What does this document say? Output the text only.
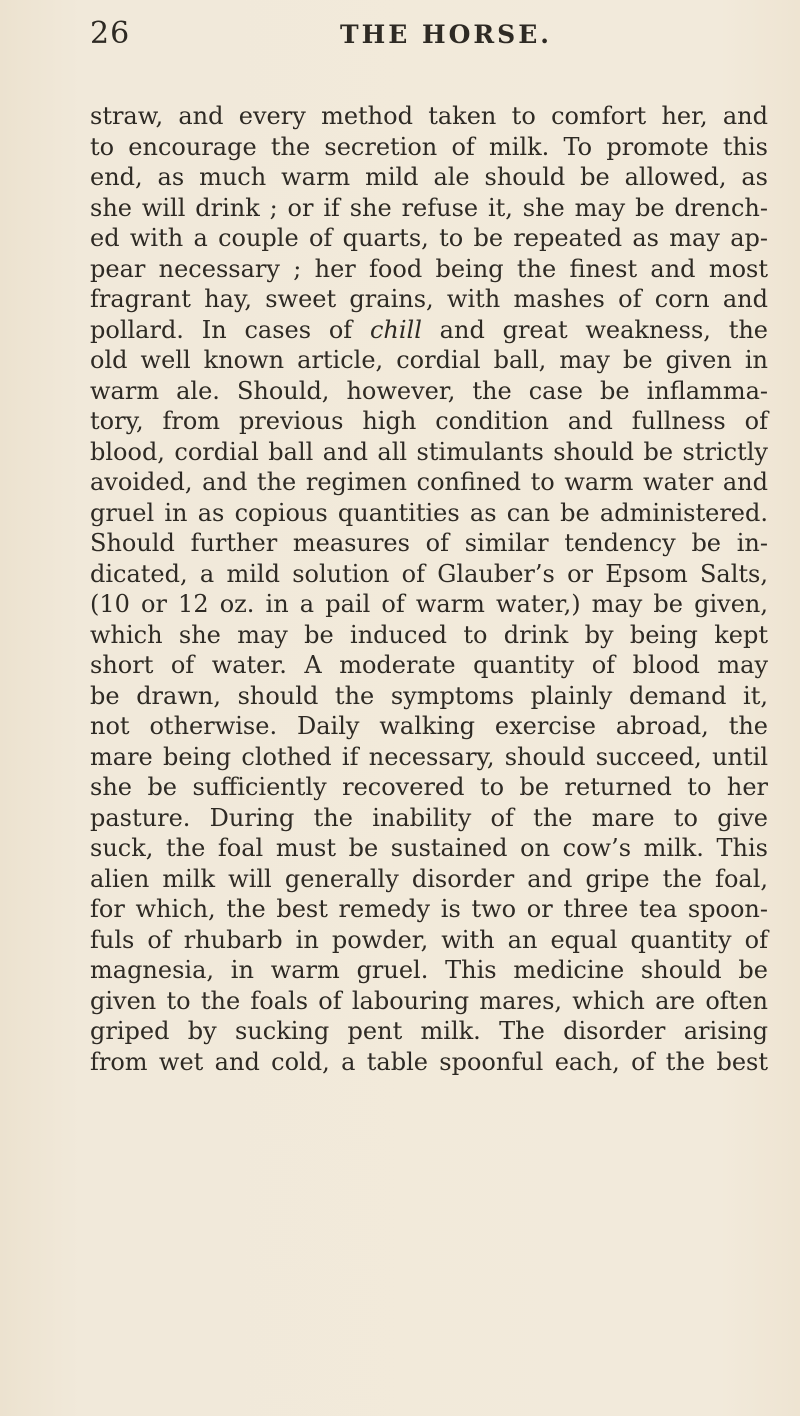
26	THE HORSE.
straw, and every method taken to comfort her, and
to encourage the secretion of milk. To promote this
end, as much warm mild ale should be allowed, as
she will drink ; or if she refuse it, she may be drench-
ed with a couple of quarts, to be repeated as may ap-
pear necessary ; her food being the finest and most
fragrant hay, sweet grains, with mashes of corn and
pollard. In cases of chill and great weakness, the
old well known article, cordial ball, may be given in
warm ale. Should, however, the case be inflamma-
tory, from previous high condition and fullness of
blood, cordial ball and all stimulants should be strictly
avoided, and the regimen confined to warm water and
gruel in as copious quantities as can be administered.
Should further measures of similar tendency be in-
dicated, a mild solution of Glauber’s or Epsom Salts,
(10 or 12 oz. in a pail of warm water,) may be given,
which she may be induced to drink by being kept
short of water. A moderate quantity of blood may
be drawn, should the symptoms plainly demand it,
not otherwise. Daily walking exercise abroad, the
mare being clothed if necessary, should succeed, until
she be sufficiently recovered to be returned to her
pasture. During the inability of the mare to give
suck, the foal must be sustained on cow’s milk. This
alien milk will generally disorder and gripe the foal,
for which, the best remedy is two or three tea spoon-
fuls of rhubarb in powder, with an equal quantity of
magnesia, in warm gruel. This medicine should be
given to the foals of labouring mares, which are often
griped by sucking pent milk. The disorder arising
from wet and cold, a table spoonful each, of the best
